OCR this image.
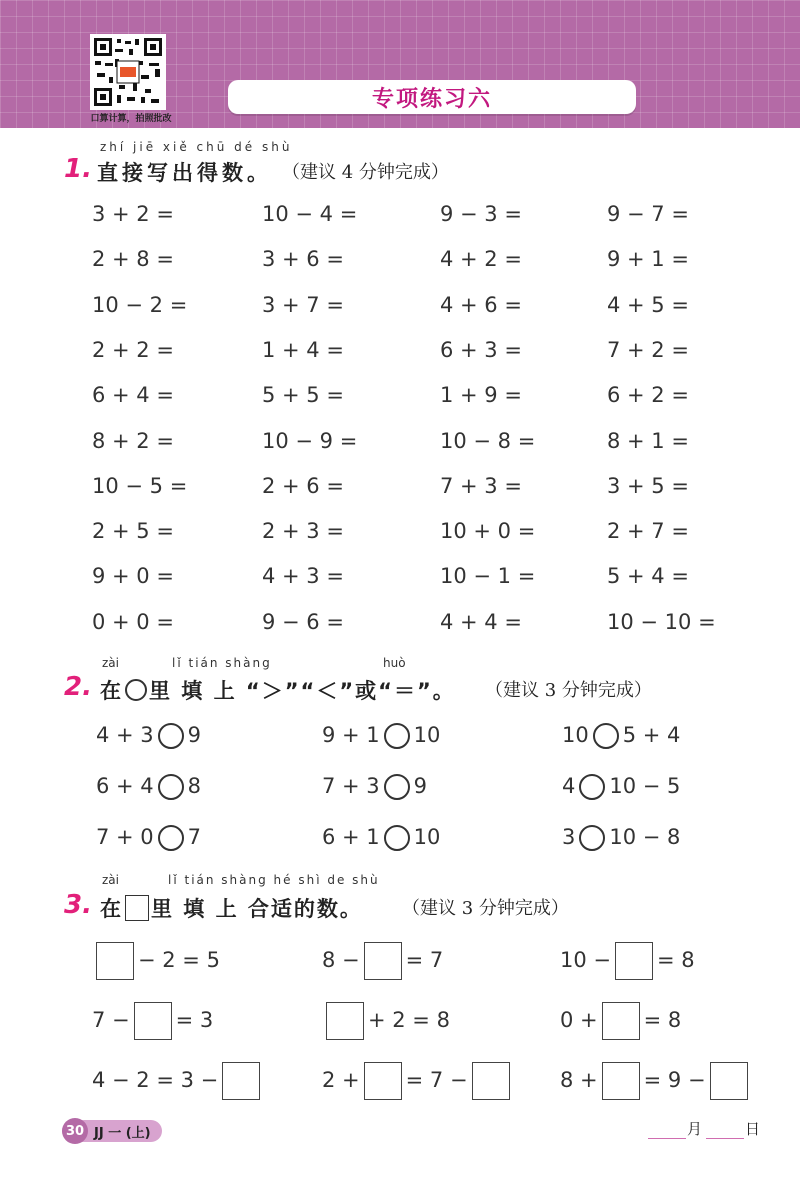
口算计算，拍照批改
专项练习六
zhí jiē xiě chū dé shù
1. 直接写出得数。 （建议 4 分钟完成）
3 + 2 =	10 − 4 =	9 − 3 =	9 − 7 =
2 + 8 =	3 + 6 =	4 + 2 =	9 + 1 =
10 − 2 =	3 + 7 =	4 + 6 =	4 + 5 =
2 + 2 =	1 + 4 =	6 + 3 =	7 + 2 =
6 + 4 =	5 + 5 =	1 + 9 =	6 + 2 =
8 + 2 =	10 − 9 =	10 − 8 =	8 + 1 =
10 − 5 =	2 + 6 =	7 + 3 =	3 + 5 =
2 + 5 =	2 + 3 =	10 + 0 =	2 + 7 =
9 + 0 =	4 + 3 =	10 − 1 =	5 + 4 =
0 + 0 =	9 − 6 =	4 + 4 =	10 − 10 =
zài	lǐ tián shàng	huò
2. 在 里 填 上 “＞”“＜”或“＝”。 （建议 3 分钟完成）
4 + 3 9	9 + 1 10	10 5 + 4
6 + 4 8	7 + 3 9	4 10 − 5
7 + 0 7	6 + 1 10	3 10 − 8
zài	lǐ tián shàng hé shì de shù
3. 在 里 填 上 合适的数。 （建议 3 分钟完成）
− 2 = 5	8 − = 7	10 − = 8
7 − = 3	+ 2 = 8	0 + = 8
4 − 2 = 3 −	2 + = 7 −	8 + = 9 −
30 JJ 一 (上)	月	日
